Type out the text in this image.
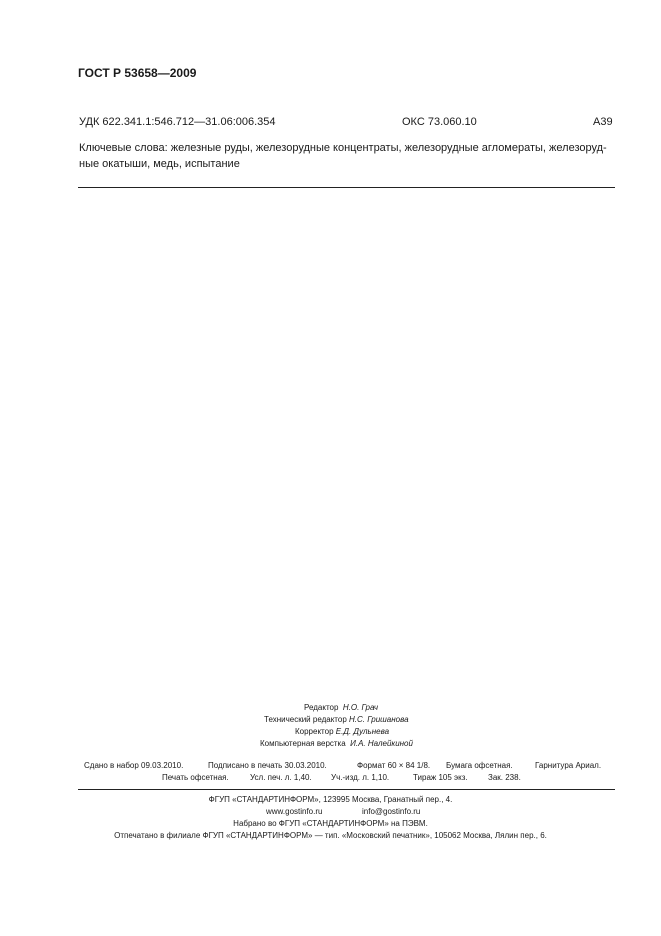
ГОСТ Р 53658—2009
УДК 622.341.1:546.712—31.06:006.354	ОКС 73.060.10	А39
Ключевые слова: железные руды, железорудные концентраты, железорудные агломераты, железорудные окатыши, медь, испытание
Редактор Н.О. Грач
Технический редактор Н.С. Гришанова
Корректор Е.Д. Дульнева
Компьютерная верстка И.А. Налейкиной
Сдано в набор 09.03.2010.	Подписано в печать 30.03.2010.	Формат 60 × 84 1/8. Бумага офсетная.	Гарнитура Ариал.
Печать офсетная.	Усл. печ. л. 1,40. Уч.-изд. л. 1,10.	Тираж 105 экз.	Зак. 238.
ФГУП «СТАНДАРТИНФОРМ», 123995 Москва, Гранатный пер., 4.
www.gostinfo.ru	info@gostinfo.ru
Набрано во ФГУП «СТАНДАРТИНФОРМ» на ПЭВМ.
Отпечатано в филиале ФГУП «СТАНДАРТИНФОРМ» — тип. «Московский печатник», 105062 Москва, Лялин пер., 6.
